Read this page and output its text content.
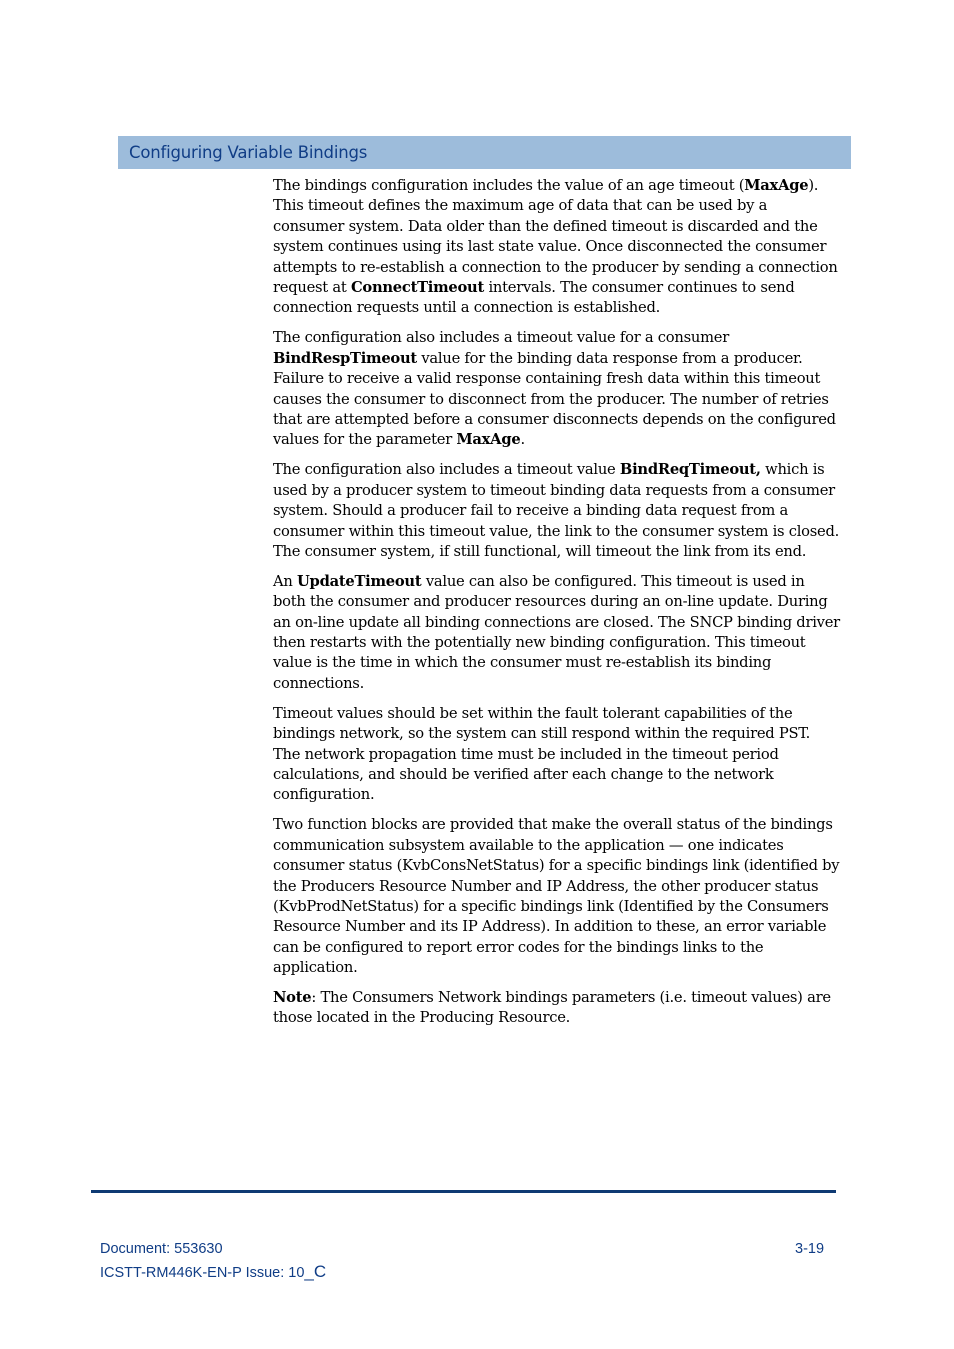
Configuring Variable Bindings

The bindings configuration includes the value of an age timeout (MaxAge). This timeout defines the maximum age of data that can be used by a consumer system. Data older than the defined timeout is discarded and the system continues using its last state value. Once disconnected the consumer attempts to re-establish a connection to the producer by sending a connection request at ConnectTimeout intervals. The consumer continues to send connection requests until a connection is established.

The configuration also includes a timeout value for a consumer BindRespTimeout value for the binding data response from a producer. Failure to receive a valid response containing fresh data within this timeout causes the consumer to disconnect from the producer. The number of retries that are attempted before a consumer disconnects depends on the configured values for the parameter MaxAge.

The configuration also includes a timeout value BindReqTimeout, which is used by a producer system to timeout binding data requests from a consumer system. Should a producer fail to receive a binding data request from a consumer within this timeout value, the link to the consumer system is closed. The consumer system, if still functional, will timeout the link from its end.

An UpdateTimeout value can also be configured. This timeout is used in both the consumer and producer resources during an on-line update. During an on-line update all binding connections are closed. The SNCP binding driver then restarts with the potentially new binding configuration. This timeout value is the time in which the consumer must re-establish its binding connections.

Timeout values should be set within the fault tolerant capabilities of the bindings network, so the system can still respond within the required PST. The network propagation time must be included in the timeout period calculations, and should be verified after each change to the network configuration.

Two function blocks are provided that make the overall status of the bindings communication subsystem available to the application — one indicates consumer status (KvbConsNetStatus) for a specific bindings link (identified by the Producers Resource Number and IP Address, the other producer status (KvbProdNetStatus) for a specific bindings link (Identified by the Consumers Resource Number and its IP Address). In addition to these, an error variable can be configured to report error codes for the bindings links to the application.

Note: The Consumers Network bindings parameters (i.e. timeout values) are those located in the Producing Resource.

Document: 553630
ICSTT-RM446K-EN-P Issue: 10_C
3-19
